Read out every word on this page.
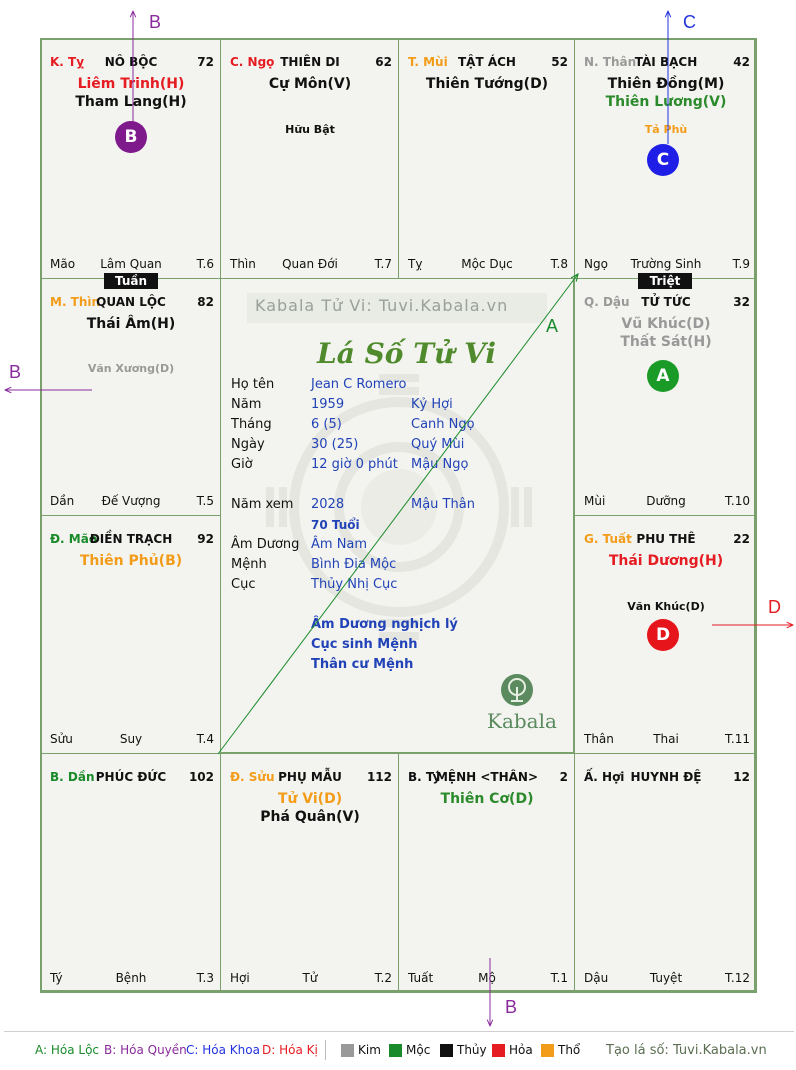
K. Tỵ	NÔ BỘC	72
Liêm Trinh(H)
Tham Lang(H)
Mão	Lâm Quan	T.6
C. Ngọ THIÊN DI	62
Cự Môn(V)
Hữu Bật
Thìn	Quan Đới	T.7
T. Mùi TẬT ÁCH	52
Thiên Tướng(D)
Tỵ	Mộc Dục	T.8
N. Thân
TÀI BẠCH	42
Thiên Đồng(M)
Thiên Lương(V)
Tả Phù
Ngọ	Trường Sinh	T.9
M. Thìn
QUAN LỘC	82
Thái Âm(H)
Văn Xương(D)
Dần	Đế Vượng	T.5
Q. Dậu TỬ TỨC	32
Vũ Khúc(D)
Thất Sát(H)
Mùi	Dưỡng	T.10
Đ. Mão
ĐIỀN TRẠCH	92
Thiên Phủ(B)
Sửu	Suy	T.4
G. Tuất PHU THÊ	22
Thái Dương(H)
Văn Khúc(D)
Thân	Thai	T.11
B. Dần PHÚC ĐỨC	102
Tý	Bệnh	T.3
Đ. Sửu PHỤ MẪU	112
Tử Vi(D)
Phá Quân(V)
Hợi	Tử	T.2
B. Tý
MỆNH <THÂN>	2
Thiên Cơ(D)
Tuất	Mộ	T.1
Ấ. Hợi HUYNH ĐỆ	12
Dậu	Tuyệt	T.12
Kabala Tử Vi: Tuvi.Kabala.vn
Lá Số Tử Vi
Họ tên	Jean C Romero
Năm	1959	Kỷ Hợi
Tháng	6 (5)	Canh Ngọ
Ngày	30 (25)	Quý Mùi
Giờ	12 giờ 0 phút Mậu Ngọ
Năm xem 2028	Mậu Thân
70 Tuổi
Âm Dương Âm Nam
Mệnh	Bình Địa Mộc
Cục	Thủy Nhị Cục
Âm Dương nghịch lý
Cục sinh Mệnh
Thân cư Mệnh
Kabala
Tuần	Triệt
B
C
A
D
B	C
B
D
B
A
A: Hóa Lộc B: Hóa Quyền C: Hóa Khoa D: Hóa Kị	Kim Mộc Thủy Hỏa Thổ Tạo lá số: Tuvi.Kabala.vn
